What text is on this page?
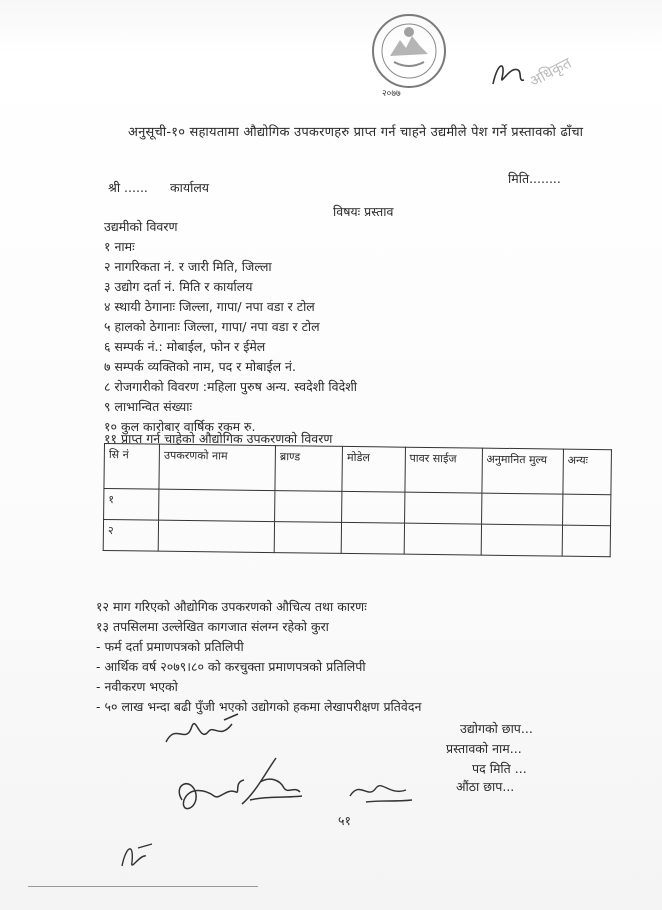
२०७७
अधिकृत
अनुसूची-१० सहायतामा औद्योगिक उपकरणहरु प्राप्त गर्न चाहने उद्यमीले पेश गर्ने प्रस्तावको ढाँचा
श्री ...... कार्यालय
मिति........
विषयः प्रस्ताव
उद्यमीको विवरण
१ नामः
२ नागरिकता नं. र जारी मिति, जिल्ला
३ उद्योग दर्ता नं. मिति र कार्यालय
४ स्थायी ठेगानाः जिल्ला, गापा/ नपा वडा र टोल
५ हालको ठेगानाः जिल्ला, गापा/ नपा वडा र टोल
६ सम्पर्क नं.: मोबाईल, फोन र ईमेल
७ सम्पर्क व्यक्तिको नाम, पद र मोबाईल नं.
८ रोजगारीको विवरण :महिला पुरुष अन्य. स्वदेशी विदेशी
९ लाभान्वित संख्याः
१० कुल कारोबार वार्षिक रकम रु.
११ प्राप्त गर्न चाहेको औद्योगिक उपकरणको विवरण
सि नं	उपकरणको नाम	ब्राण्ड	मोडेल	पावर साईज	अनुमानित मुल्य	अन्यः
१						
२						
१२ माग गरिएको औद्योगिक उपकरणको औचित्य तथा कारणः
१३ तपसिलमा उल्लेखित कागजात संलग्न रहेको कुरा
- फर्म दर्ता प्रमाणपत्रको प्रतिलिपी
- आर्थिक वर्ष २०७९।८० को करचुक्ता प्रमाणपत्रको प्रतिलिपी
- नवीकरण भएको
- ५० लाख भन्दा बढी पुँजी भएको उद्योगको हकमा लेखापरीक्षण प्रतिवेदन
उद्योगको छाप...
प्रस्तावको नाम...
पद मिति ...
औंठा छाप...
५१
